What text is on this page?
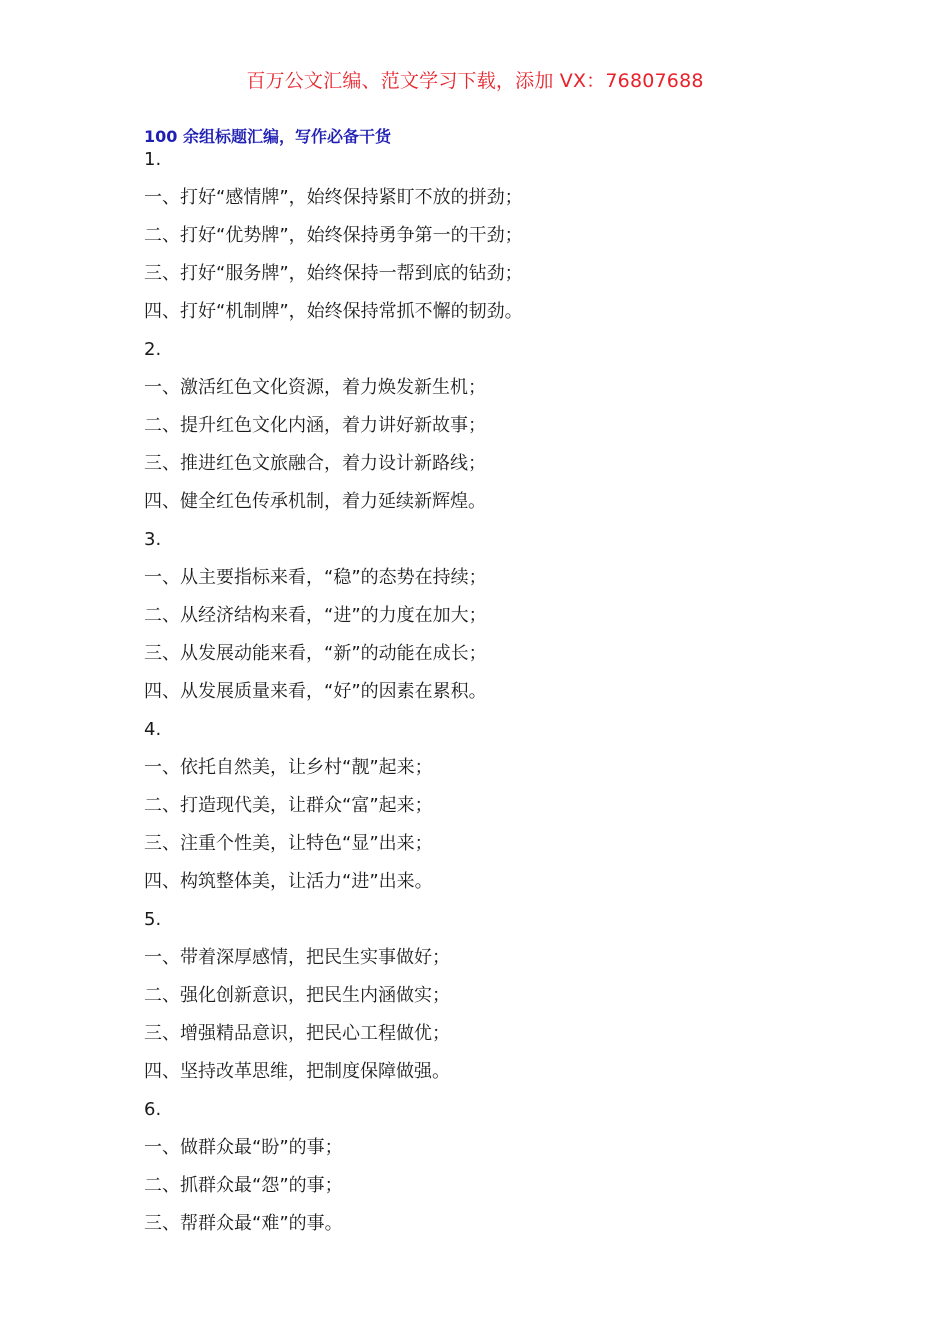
百万公文汇编、范文学习下载，添加 VX：76807688
100 余组标题汇编，写作必备干货
1.
一、打好“感情牌”，始终保持紧盯不放的拼劲；
二、打好“优势牌”，始终保持勇争第一的干劲；
三、打好“服务牌”，始终保持一帮到底的钻劲；
四、打好“机制牌”，始终保持常抓不懈的韧劲。
2.
一、激活红色文化资源，着力焕发新生机；
二、提升红色文化内涵，着力讲好新故事；
三、推进红色文旅融合，着力设计新路线；
四、健全红色传承机制，着力延续新辉煌。
3.
一、从主要指标来看，“稳”的态势在持续；
二、从经济结构来看，“进”的力度在加大；
三、从发展动能来看，“新”的动能在成长；
四、从发展质量来看，“好”的因素在累积。
4.
一、依托自然美，让乡村“靓”起来；
二、打造现代美，让群众“富”起来；
三、注重个性美，让特色“显”出来；
四、构筑整体美，让活力“进”出来。
5.
一、带着深厚感情，把民生实事做好；
二、强化创新意识，把民生内涵做实；
三、增强精品意识，把民心工程做优；
四、坚持改革思维，把制度保障做强。
6.
一、做群众最“盼”的事；
二、抓群众最“怨”的事；
三、帮群众最“难”的事。
